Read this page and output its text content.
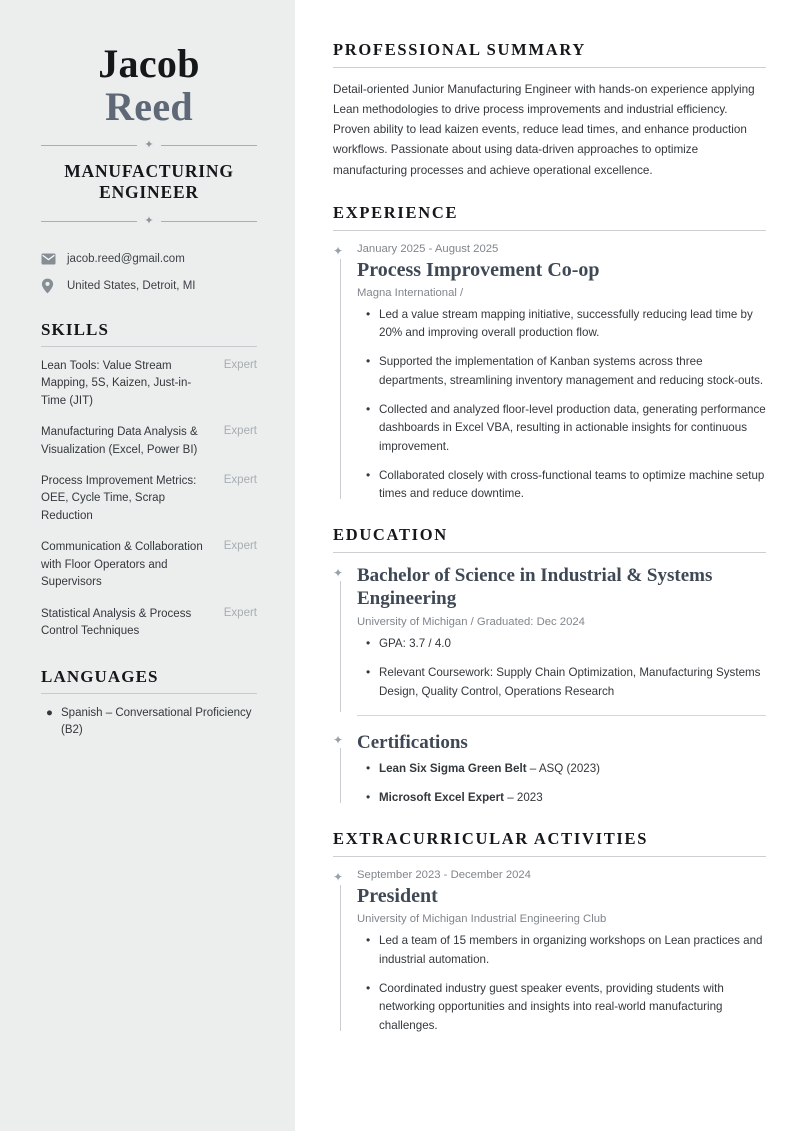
Jacob
Reed
✦
MANUFACTURING ENGINEER
✦
jacob.reed@gmail.com
United States, Detroit, MI
SKILLS
Lean Tools: Value Stream Mapping, 5S, Kaizen, Just-in-Time (JIT)
Expert
Manufacturing Data Analysis & Visualization (Excel, Power BI)
Expert
Process Improvement Metrics: OEE, Cycle Time, Scrap Reduction
Expert
Communication & Collaboration with Floor Operators and Supervisors
Expert
Statistical Analysis & Process Control Techniques
Expert
LANGUAGES
● Spanish – Conversational Proficiency (B2)
PROFESSIONAL SUMMARY

Detail-oriented Junior Manufacturing Engineer with hands-on experience applying Lean methodologies to drive process improvements and industrial efficiency. Proven ability to lead kaizen events, reduce lead times, and enhance production workflows. Passionate about using data-driven approaches to optimize manufacturing processes and achieve operational excellence.

EXPERIENCE
✦ January 2025 - August 2025
Process Improvement Co-op
Magna International /
• Led a value stream mapping initiative, successfully reducing lead time by 20% and improving overall production flow.
• Supported the implementation of Kanban systems across three departments, streamlining inventory management and reducing stock-outs.
• Collected and analyzed floor-level production data, generating performance dashboards in Excel VBA, resulting in actionable insights for continuous improvement.
• Collaborated closely with cross-functional teams to optimize machine setup times and reduce downtime.
EDUCATION
✦ Bachelor of Science in Industrial & Systems Engineering
University of Michigan / Graduated: Dec 2024
• GPA: 3.7 / 4.0
• Relevant Coursework: Supply Chain Optimization, Manufacturing Systems Design, Quality Control, Operations Research
✦ Certifications
• Lean Six Sigma Green Belt – ASQ (2023)
• Microsoft Excel Expert – 2023
EXTRACURRICULAR ACTIVITIES
✦ September 2023 - December 2024
President
University of Michigan Industrial Engineering Club
• Led a team of 15 members in organizing workshops on Lean practices and industrial automation.
• Coordinated industry guest speaker events, providing students with networking opportunities and insights into real-world manufacturing challenges.
